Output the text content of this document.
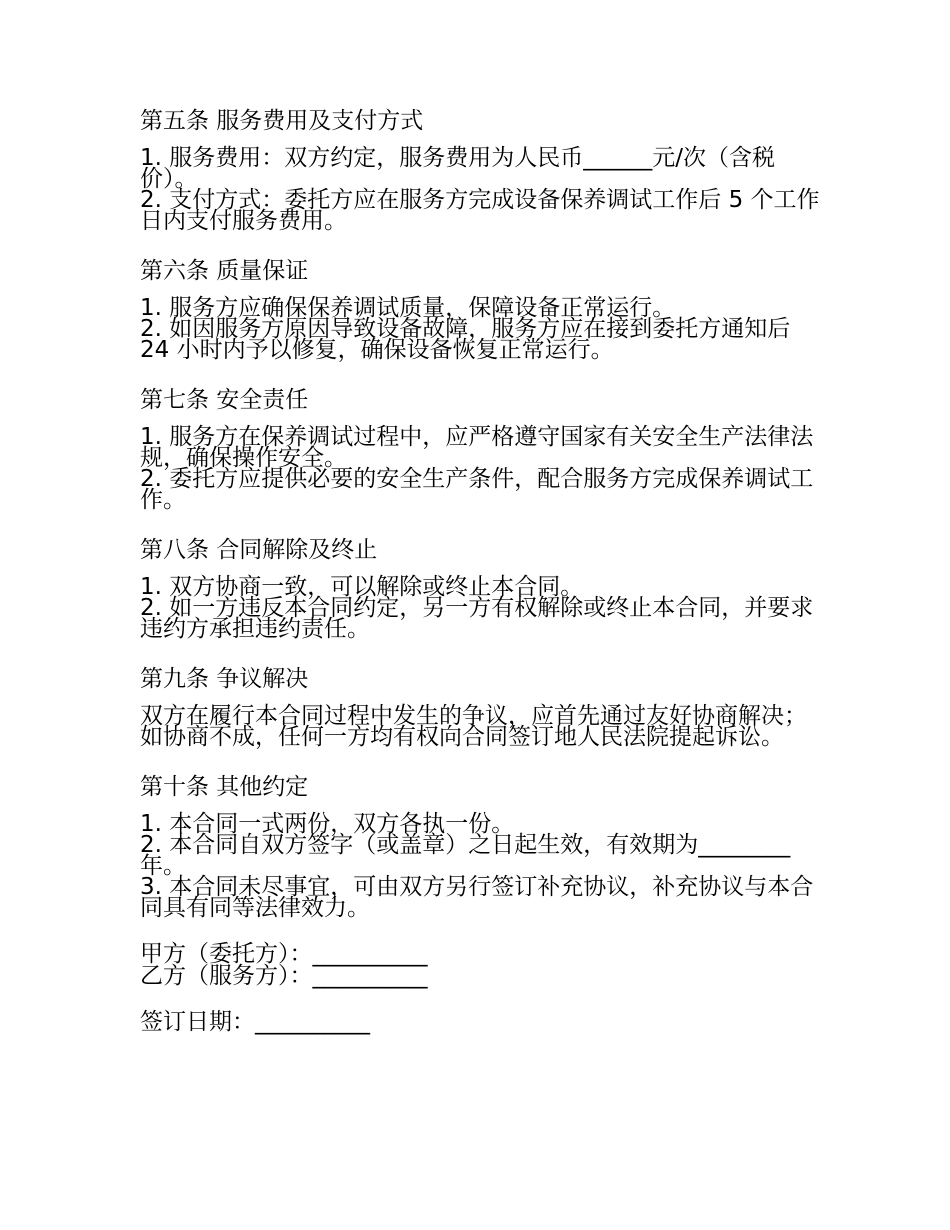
第五条 服务费用及支付方式

1. 服务费用：双方约定，服务费用为人民币______元/次（含税价）。

2. 支付方式：委托方应在服务方完成设备保养调试工作后 5 个工作日内支付服务费用。

第六条 质量保证

1. 服务方应确保保养调试质量，保障设备正常运行。

2. 如因服务方原因导致设备故障，服务方应在接到委托方通知后 24 小时内予以修复，确保设备恢复正常运行。

第七条 安全责任

1. 服务方在保养调试过程中，应严格遵守国家有关安全生产法律法规，确保操作安全。

2. 委托方应提供必要的安全生产条件，配合服务方完成保养调试工作。

第八条 合同解除及终止

1. 双方协商一致，可以解除或终止本合同。

2. 如一方违反本合同约定，另一方有权解除或终止本合同，并要求违约方承担违约责任。

第九条 争议解决

双方在履行本合同过程中发生的争议，应首先通过友好协商解决；如协商不成，任何一方均有权向合同签订地人民法院提起诉讼。

第十条 其他约定

1. 本合同一式两份，双方各执一份。

2. 本合同自双方签字（或盖章）之日起生效，有效期为________年。

3. 本合同未尽事宜，可由双方另行签订补充协议，补充协议与本合同具有同等法律效力。

甲方（委托方）：__________
乙方（服务方）：__________
签订日期：__________
